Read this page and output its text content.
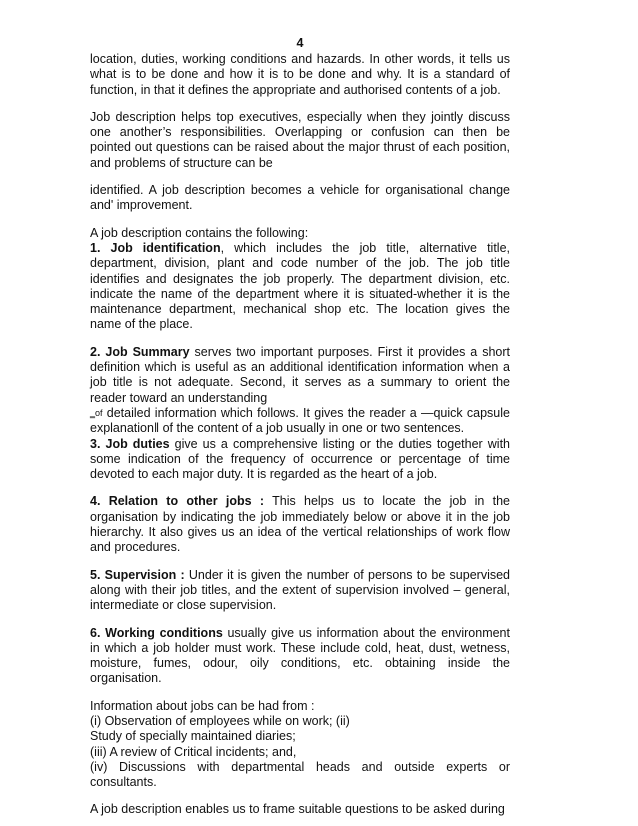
4

location, duties, working conditions and hazards. In other words, it tells us what is to be done and how it is to be done and why. It is a standard of function, in that it defines the appropriate and authorised contents of a job.

Job description helps top executives, especially when they jointly discuss one another’s responsibilities. Overlapping or confusion can then be pointed out questions can be raised about the major thrust of each position, and problems of structure can be

identified. A job description becomes a vehicle for organisational change and' improvement.

A job description contains the following:

1. Job identification, which includes the job title, alternative title, department, division, plant and code number of the job. The job title identifies and designates the job properly. The department division, etc. indicate the name of the department where it is situated-whether it is the maintenance department, mechanical shop etc. The location gives the name of the place.

2. Job Summary serves two important purposes. First it provides a short definition which is useful as an additional identification information when a job title is not adequate. Second, it serves as a summary to orient the reader toward an understanding

‗of detailed information which follows. It gives the reader a ―quick capsule explanation‖ of the content of a job usually in one or two sentences.

3. Job duties give us a comprehensive listing or the duties together with some indication of the frequency of occurrence or percentage of time devoted to each major duty. It is regarded as the heart of a job.

4. Relation to other jobs : This helps us to locate the job in the organisation by indicating the job immediately below or above it in the job hierarchy. It also gives us an idea of the vertical relationships of work flow and procedures.

5. Supervision : Under it is given the number of persons to be supervised along with their job titles, and the extent of supervision involved – general, intermediate or close supervision.

6. Working conditions usually give us information about the environment in which a job holder must work. These include cold, heat, dust, wetness, moisture, fumes, odour, oily conditions, etc. obtaining inside the organisation.

Information about jobs can be had from :

(i) Observation of employees while on work; (ii)

Study of specially maintained diaries;

(iii) A review of Critical incidents; and,

(iv) Discussions with departmental heads and outside experts or consultants.

A job description enables us to frame suitable questions to be asked during
